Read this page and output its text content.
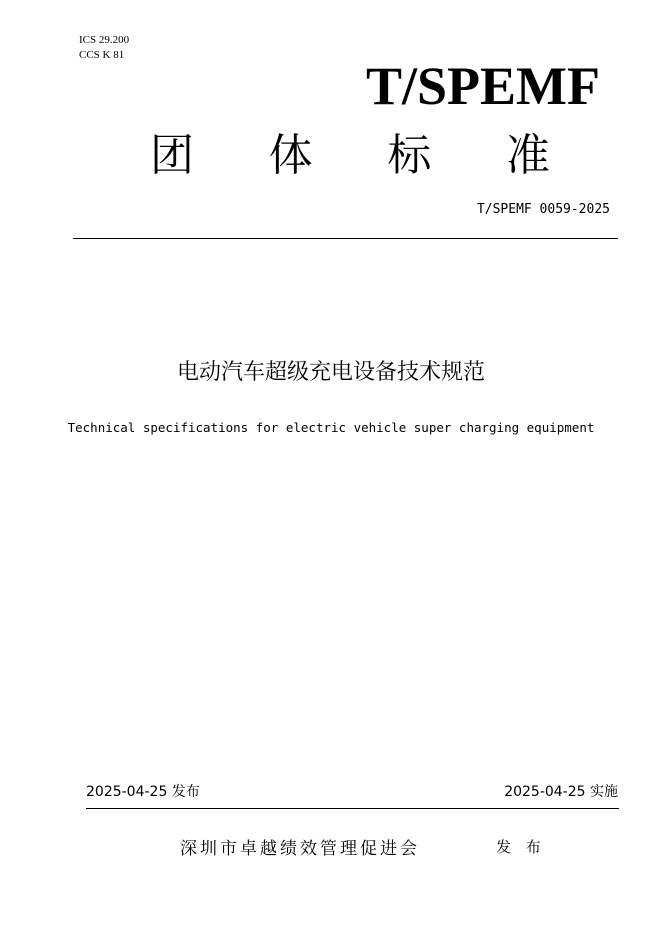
ICS 29.200
CCS K 81
T/SPEMF
团 体 标 准
T/SPEMF 0059-2025
电动汽车超级充电设备技术规范
Technical specifications for electric vehicle super charging equipment
2025-04-25 发布	2025-04-25 实施
深圳市卓越绩效管理促进会	发 布
